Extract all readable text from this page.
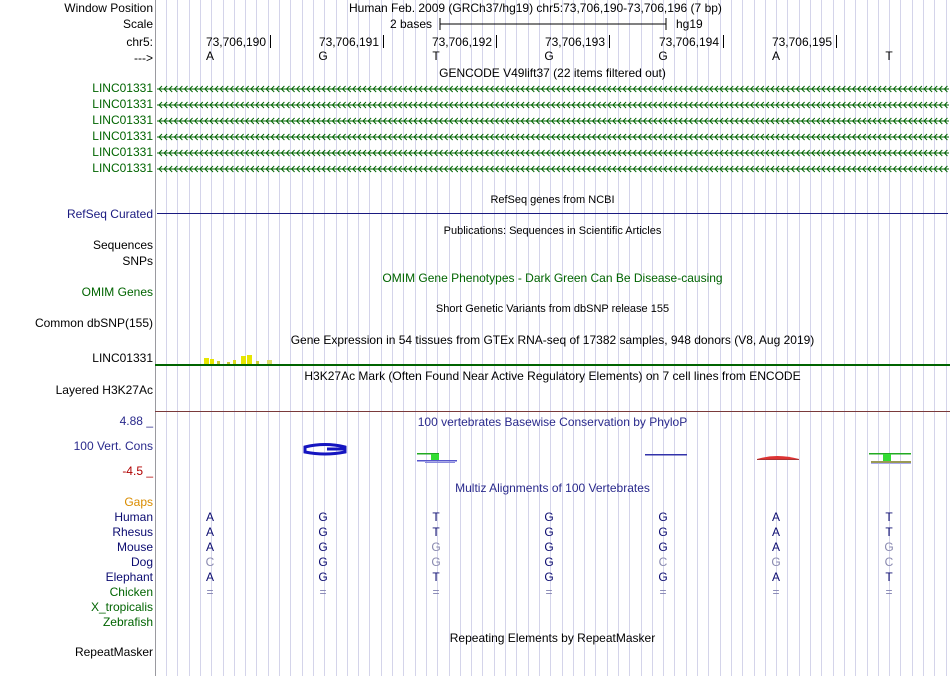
Window Position	Human Feb. 2009 (GRCh37/hg19) chr5:73,706,190-73,706,196 (7 bp)
Scale	2 bases	hg19
chr5:	73,706,190	73,706,191	73,706,192	73,706,193	73,706,194	73,706,195
--->	A	G	T	G	G	A	T
GENCODE V49lift37 (22 items filtered out)
LINC01331
LINC01331
LINC01331
LINC01331
LINC01331
LINC01331
RefSeq genes from NCBI
RefSeq Curated
Publications: Sequences in Scientific Articles
Sequences
SNPs
OMIM Gene Phenotypes - Dark Green Can Be Disease-causing
OMIM Genes
Short Genetic Variants from dbSNP release 155
Common dbSNP(155)
Gene Expression in 54 tissues from GTEx RNA-seq of 17382 samples, 948 donors (V8, Aug 2019)
LINC01331
H3K27Ac Mark (Often Found Near Active Regulatory Elements) on 7 cell lines from ENCODE
Layered H3K27Ac
100 vertebrates Basewise Conservation by PhyloP
4.88 _
100 Vert. Cons
-4.5 _
Multiz Alignments of 100 Vertebrates
Gaps
Human	A	G	T	G	G	A	T
Rhesus	A	G	T	G	G	A	T
Mouse	A	G	G	G	G	A	G
Dog	C	G	G	G	C	G	C
Elephant	A	G	T	G	G	A	T
Chicken	=	=	=	=	=	=	=
X_tropicalis
Zebrafish
Repeating Elements by RepeatMasker
RepeatMasker
